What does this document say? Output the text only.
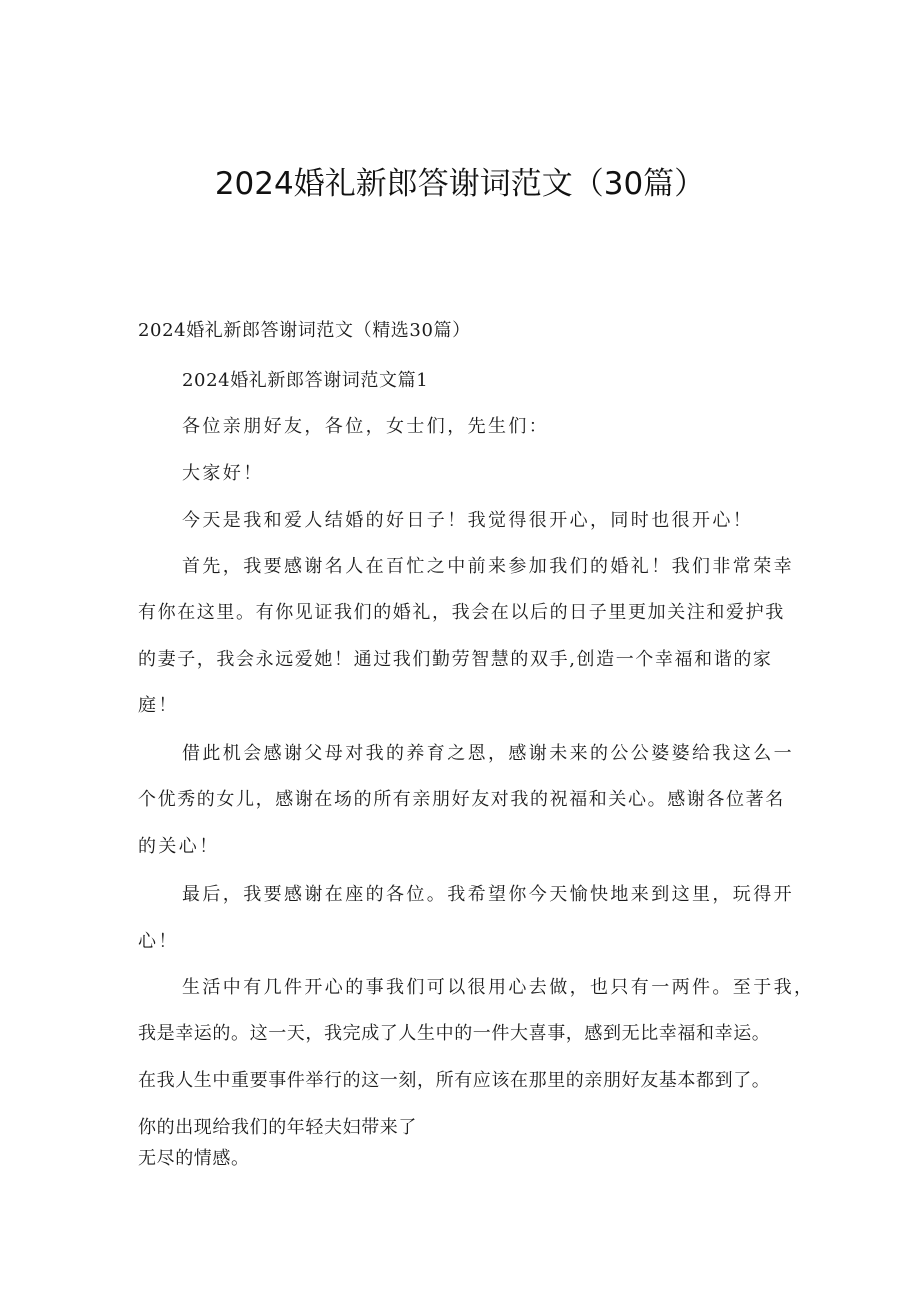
2024婚礼新郎答谢词范文（30篇）
2024婚礼新郎答谢词范文（精选30篇）
2024婚礼新郎答谢词范文篇1
各位亲朋好友，各位，女士们，先生们：
大家好！
今天是我和爱人结婚的好日子！我觉得很开心，同时也很开心！
首先，我要感谢名人在百忙之中前来参加我们的婚礼！我们非常荣幸
有你在这里。有你见证我们的婚礼，我会在以后的日子里更加关注和爱护我
的妻子，我会永远爱她！通过我们勤劳智慧的双手,创造一个幸福和谐的家
庭！
借此机会感谢父母对我的养育之恩，感谢未来的公公婆婆给我这么一
个优秀的女儿，感谢在场的所有亲朋好友对我的祝福和关心。感谢各位著名
的关心！
最后，我要感谢在座的各位。我希望你今天愉快地来到这里，玩得开
心！
生活中有几件开心的事我们可以很用心去做，也只有一两件。至于我，
我是幸运的。这一天，我完成了人生中的一件大喜事，感到无比幸福和幸运。
在我人生中重要事件举行的这一刻，所有应该在那里的亲朋好友基本都到了。
你的出现给我们的年轻夫妇带来了
无尽的情感。
